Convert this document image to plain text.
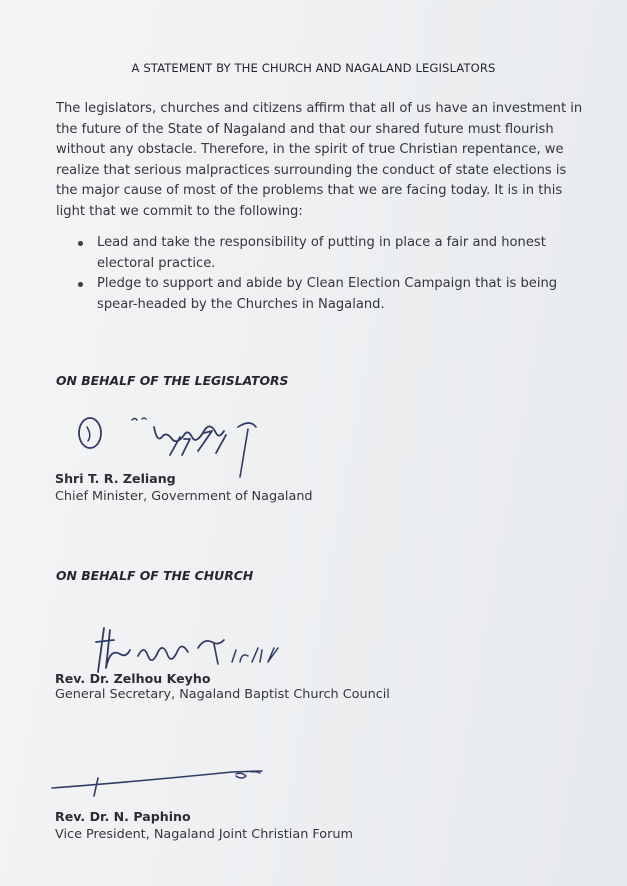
A STATEMENT BY THE CHURCH AND NAGALAND LEGISLATORS
The legislators, churches and citizens affirm that all of us have an investment in the future of the State of Nagaland and that our shared future must flourish without any obstacle. Therefore, in the spirit of true Christian repentance, we realize that serious malpractices surrounding the conduct of state elections is the major cause of most of the problems that we are facing today. It is in this light that we commit to the following:
Lead and take the responsibility of putting in place a fair and honest electoral practice.
Pledge to support and abide by Clean Election Campaign that is being spear-headed by the Churches in Nagaland.
ON BEHALF OF THE LEGISLATORS
Shri T. R. Zeliang
Chief Minister, Government of Nagaland
ON BEHALF OF THE CHURCH
Rev. Dr. Zelhou Keyho
General Secretary, Nagaland Baptist Church Council
Rev. Dr. N. Paphino
Vice President, Nagaland Joint Christian Forum
